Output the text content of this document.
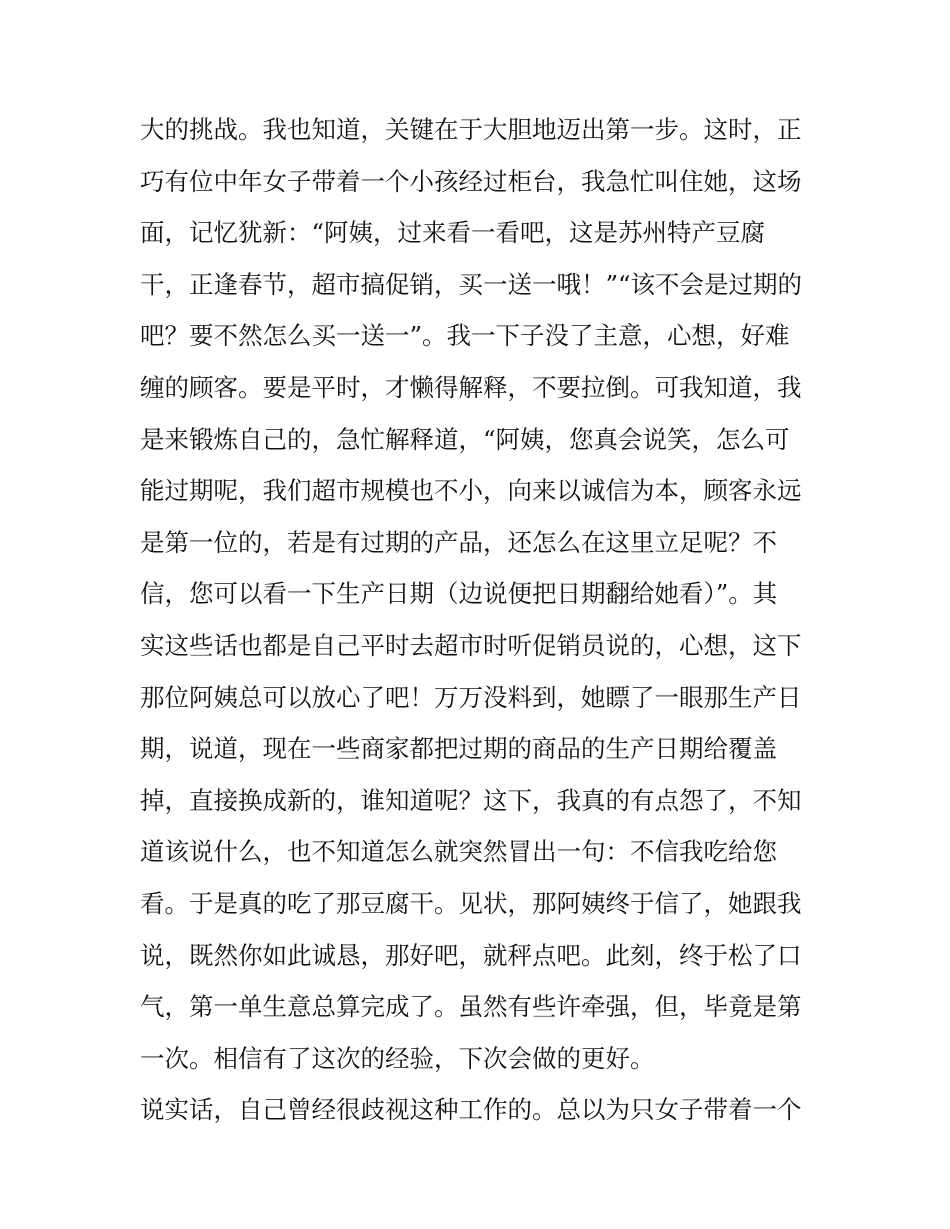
大的挑战。我也知道，关键在于大胆地迈出第一步。这时，正
巧有位中年女子带着一个小孩经过柜台，我急忙叫住她，这场
面，记忆犹新：“阿姨，过来看一看吧，这是苏州特产豆腐
干，正逢春节，超市搞促销，买一送一哦！”“该不会是过期的
吧？要不然怎么买一送一”。我一下子没了主意，心想，好难
缠的顾客。要是平时，才懒得解释，不要拉倒。可我知道，我
是来锻炼自己的，急忙解释道，“阿姨，您真会说笑，怎么可
能过期呢，我们超市规模也不小，向来以诚信为本，顾客永远
是第一位的，若是有过期的产品，还怎么在这里立足呢？不
信，您可以看一下生产日期（边说便把日期翻给她看）”。其
实这些话也都是自己平时去超市时听促销员说的，心想，这下
那位阿姨总可以放心了吧！万万没料到，她瞟了一眼那生产日
期，说道，现在一些商家都把过期的商品的生产日期给覆盖
掉，直接换成新的，谁知道呢？这下，我真的有点怨了，不知
道该说什么，也不知道怎么就突然冒出一句：不信我吃给您
看。于是真的吃了那豆腐干。见状，那阿姨终于信了，她跟我
说，既然你如此诚恳，那好吧，就秤点吧。此刻，终于松了口
气，第一单生意总算完成了。虽然有些许牵强，但，毕竟是第
一次。相信有了这次的经验，下次会做的更好。
说实话，自己曾经很歧视这种工作的。总以为只女子带着一个
